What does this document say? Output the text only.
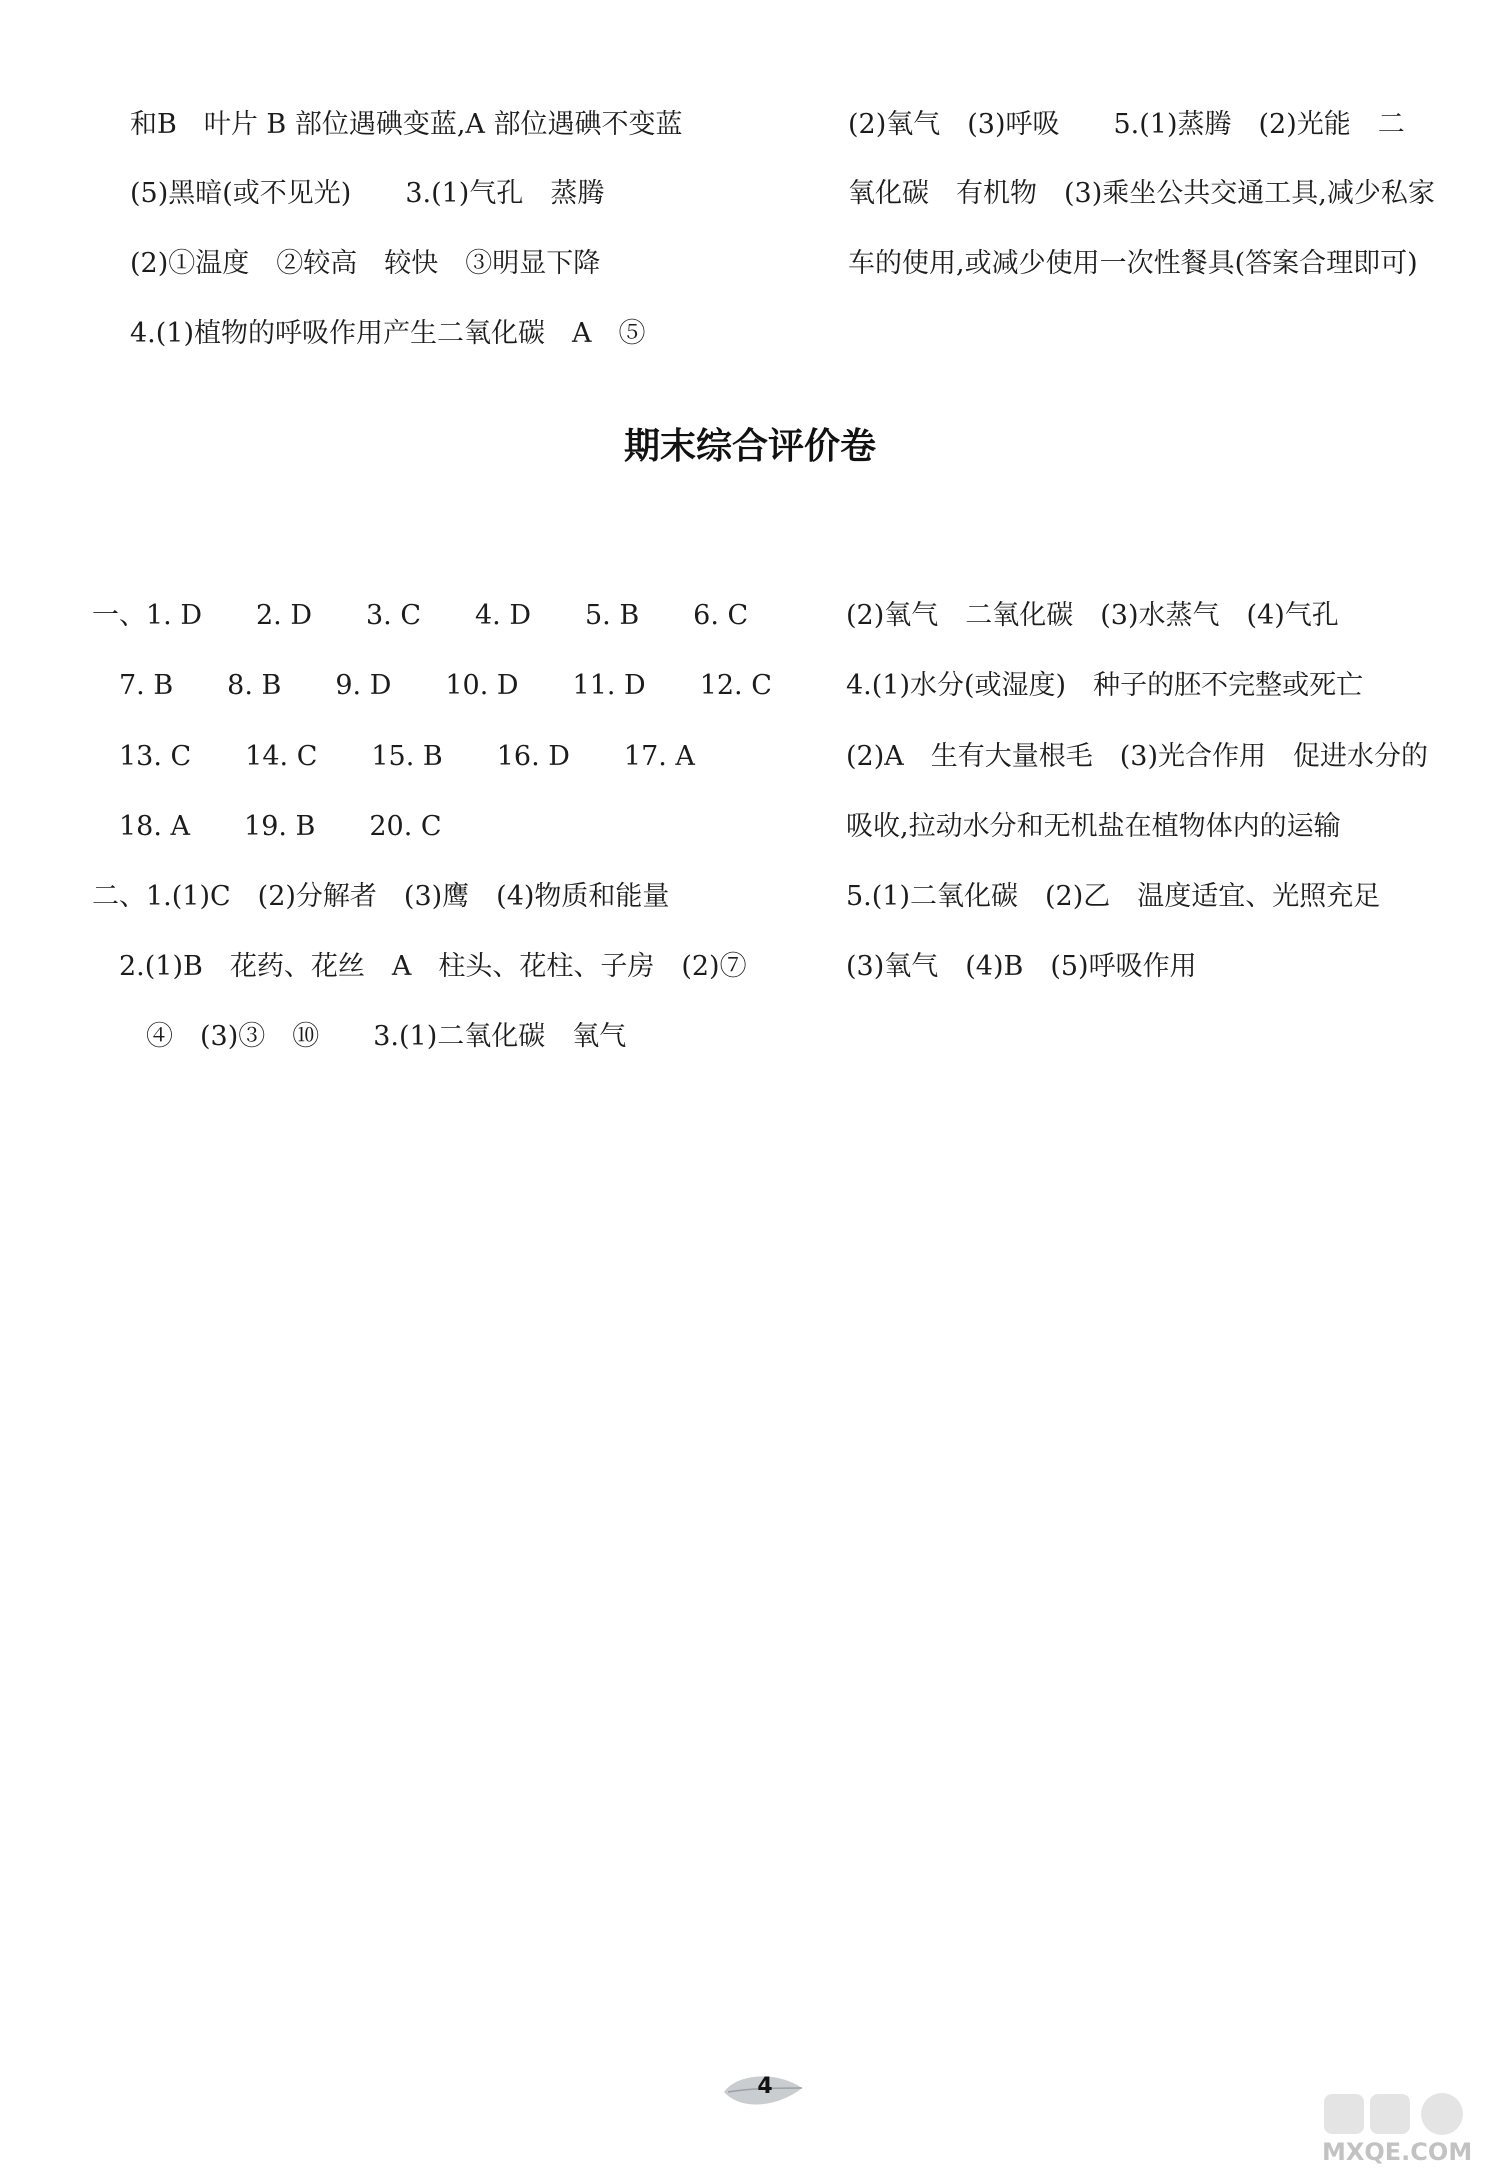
和B　叶片 B 部位遇碘变蓝,A 部位遇碘不变蓝
(5)黑暗(或不见光)　　3.(1)气孔　蒸腾
(2)①温度　②较高　较快　③明显下降
4.(1)植物的呼吸作用产生二氧化碳　A　⑤
(2)氧气　(3)呼吸　　5.(1)蒸腾　(2)光能　二
氧化碳　有机物　(3)乘坐公共交通工具,减少私家
车的使用,或减少使用一次性餐具(答案合理即可)
期末综合评价卷
一、1. D　　2. D　　3. C　　4. D　　5. B　　6. C
　7. B　　8. B　　9. D　　10. D　　11. D　　12. C
　13. C　　14. C　　15. B　　16. D　　17. A
　18. A　　19. B　　20. C
二、1.(1)C　(2)分解者　(3)鹰　(4)物质和能量
　2.(1)B　花药、花丝　A　柱头、花柱、子房　(2)⑦
　　④　(3)③　⑩　　3.(1)二氧化碳　氧气
(2)氧气　二氧化碳　(3)水蒸气　(4)气孔
4.(1)水分(或湿度)　种子的胚不完整或死亡
(2)A　生有大量根毛　(3)光合作用　促进水分的
吸收,拉动水分和无机盐在植物体内的运输
5.(1)二氧化碳　(2)乙　温度适宜、光照充足
(3)氧气　(4)B　(5)呼吸作用
4
MXQE.COM
